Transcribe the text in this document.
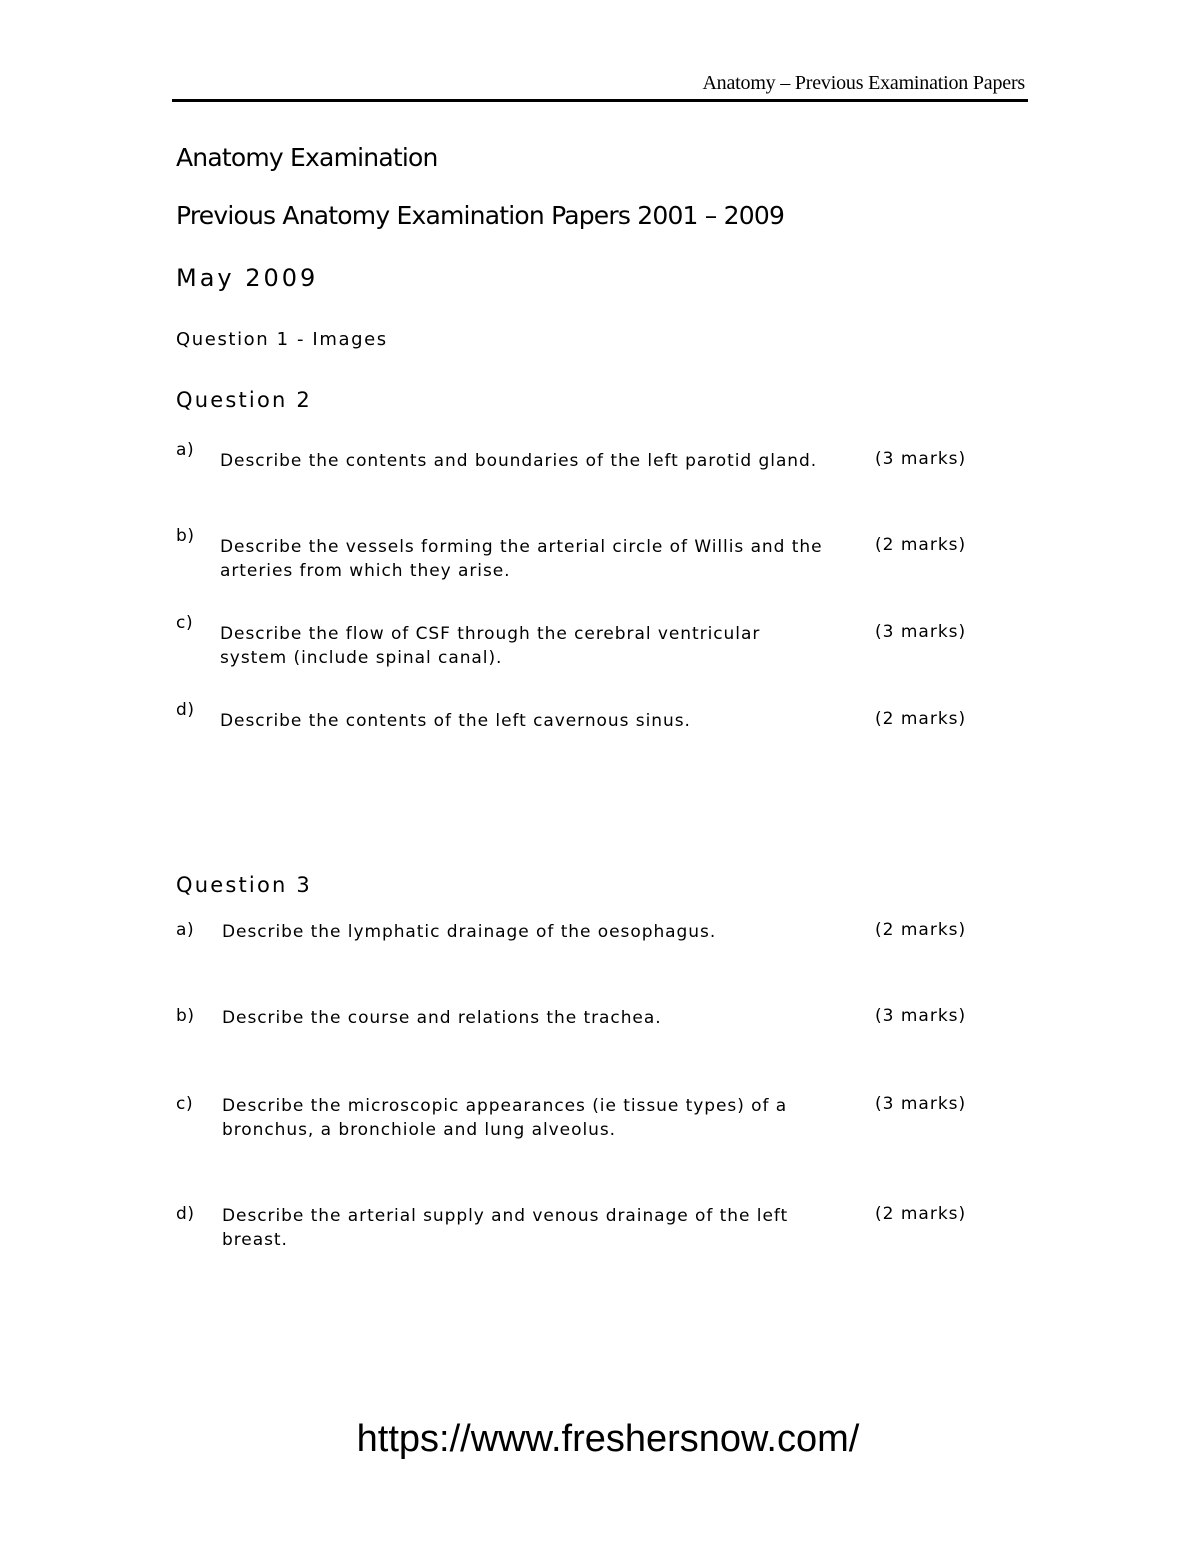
Anatomy – Previous Examination Papers
Anatomy Examination
Previous Anatomy Examination Papers 2001 – 2009
May 2009
Question 1 - Images
Question 2
a)
Describe the contents and boundaries of the left parotid gland.	(3 marks)
b)
Describe the vessels forming the arterial circle of Willis and the arteries from which they arise.
(2 marks)
c)
Describe the flow of CSF through the cerebral ventricular system (include spinal canal).
(3 marks)
d)
Describe the contents of the left cavernous sinus.	(2 marks)
Question 3
a) Describe the lymphatic drainage of the oesophagus.	(2 marks)
b) Describe the course and relations the trachea.	(3 marks)
c) Describe the microscopic appearances (ie tissue types) of a bronchus, a bronchiole and lung alveolus.
(3 marks)
d) Describe the arterial supply and venous drainage of the left breast.
(2 marks)
https://www.freshersnow.com/
